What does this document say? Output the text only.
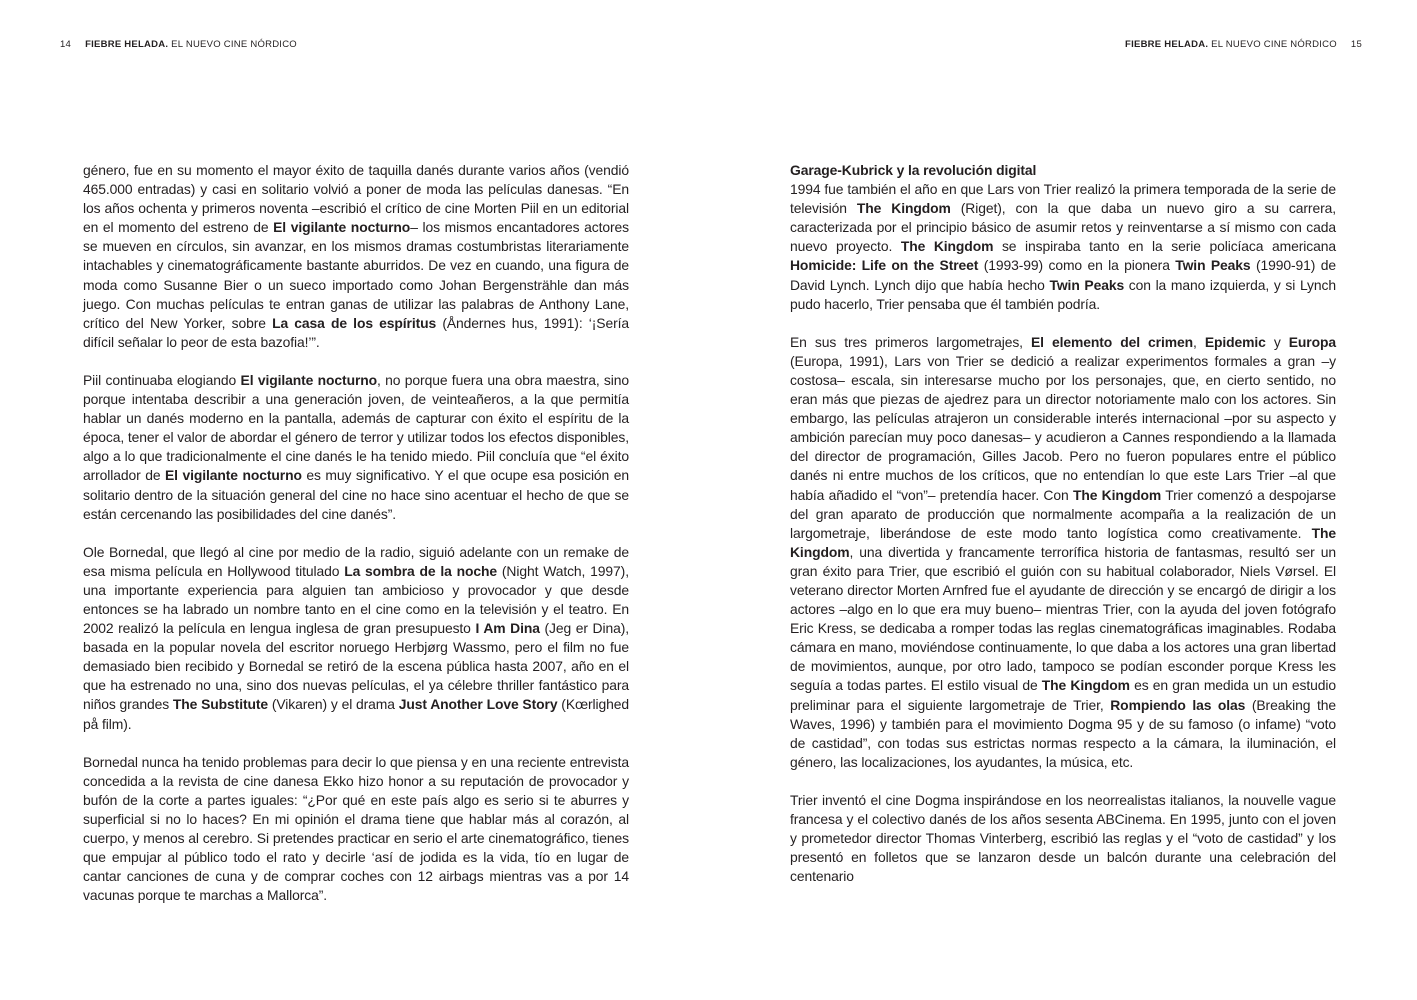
14 FIEBRE HELADA. EL NUEVO CINE NÓRDICO	FIEBRE HELADA. EL NUEVO CINE NÓRDICO 15

género, fue en su momento el mayor éxito de taquilla danés durante varios años (vendió 465.000 entradas) y casi en solitario volvió a poner de moda las películas danesas. “En los años ochenta y primeros noventa –escribió el crítico de cine Morten Piil en un editorial en el momento del estreno de El vigilante nocturno– los mismos encantadores actores se mueven en círculos, sin avanzar, en los mismos dramas costumbristas literariamente intachables y cinematográficamente bastante aburridos. De vez en cuando, una figura de moda como Susanne Bier o un sueco importado como Johan Bergensträhle dan más juego. Con muchas películas te entran ganas de utilizar las palabras de Anthony Lane, crítico del New Yorker, sobre La casa de los espíritus (Åndernes hus, 1991): ‘¡Sería difícil señalar lo peor de esta bazofia!’”.

Piil continuaba elogiando El vigilante nocturno, no porque fuera una obra maestra, sino porque intentaba describir a una generación joven, de veinteañeros, a la que permitía hablar un danés moderno en la pantalla, además de capturar con éxito el espíritu de la época, tener el valor de abordar el género de terror y utilizar todos los efectos disponibles, algo a lo que tradicionalmente el cine danés le ha tenido miedo. Piil concluía que “el éxito arrollador de El vigilante nocturno es muy significativo. Y el que ocupe esa posición en solitario dentro de la situación general del cine no hace sino acentuar el hecho de que se están cercenando las posibilidades del cine danés”.

Ole Bornedal, que llegó al cine por medio de la radio, siguió adelante con un remake de esa misma película en Hollywood titulado La sombra de la noche (Night Watch, 1997), una importante experiencia para alguien tan ambicioso y provocador y que desde entonces se ha labrado un nombre tanto en el cine como en la televisión y el teatro. En 2002 realizó la película en lengua inglesa de gran presupuesto I Am Dina (Jeg er Dina), basada en la popular novela del escritor noruego Herbjørg Wassmo, pero el film no fue demasiado bien recibido y Bornedal se retiró de la escena pública hasta 2007, año en el que ha estrenado no una, sino dos nuevas películas, el ya célebre thriller fantástico para niños grandes The Substitute (Vikaren) y el drama Just Another Love Story (Kœrlighed på film).

Bornedal nunca ha tenido problemas para decir lo que piensa y en una reciente entrevista concedida a la revista de cine danesa Ekko hizo honor a su reputación de provocador y bufón de la corte a partes iguales: “¿Por qué en este país algo es serio si te aburres y superficial si no lo haces? En mi opinión el drama tiene que hablar más al corazón, al cuerpo, y menos al cerebro. Si pretendes practicar en serio el arte cinematográfico, tienes que empujar al público todo el rato y decirle ‘así de jodida es la vida, tío en lugar de cantar canciones de cuna y de comprar coches con 12 airbags mientras vas a por 14 vacunas porque te marchas a Mallorca”.

Garage-Kubrick y la revolución digital

1994 fue también el año en que Lars von Trier realizó la primera temporada de la serie de televisión The Kingdom (Riget), con la que daba un nuevo giro a su carrera, caracterizada por el principio básico de asumir retos y reinventarse a sí mismo con cada nuevo proyecto. The Kingdom se inspiraba tanto en la serie policíaca americana Homicide: Life on the Street (1993-99) como en la pionera Twin Peaks (1990-91) de David Lynch. Lynch dijo que había hecho Twin Peaks con la mano izquierda, y si Lynch pudo hacerlo, Trier pensaba que él también podría.

En sus tres primeros largometrajes, El elemento del crimen, Epidemic y Europa (Europa, 1991), Lars von Trier se dedició a realizar experimentos formales a gran –y costosa– escala, sin interesarse mucho por los personajes, que, en cierto sentido, no eran más que piezas de ajedrez para un director notoriamente malo con los actores. Sin embargo, las películas atrajeron un considerable interés internacional –por su aspecto y ambición parecían muy poco danesas– y acudieron a Cannes respondiendo a la llamada del director de programación, Gilles Jacob. Pero no fueron populares entre el público danés ni entre muchos de los críticos, que no entendían lo que este Lars Trier –al que había añadido el “von”– pretendía hacer. Con The Kingdom Trier comenzó a despojarse del gran aparato de producción que normalmente acompaña a la realización de un largometraje, liberándose de este modo tanto logística como creativamente. The Kingdom, una divertida y francamente terrorífica historia de fantasmas, resultó ser un gran éxito para Trier, que escribió el guión con su habitual colaborador, Niels Vørsel. El veterano director Morten Arnfred fue el ayudante de dirección y se encargó de dirigir a los actores –algo en lo que era muy bueno– mientras Trier, con la ayuda del joven fotógrafo Eric Kress, se dedicaba a romper todas las reglas cinematográficas imaginables. Rodaba cámara en mano, moviéndose continuamente, lo que daba a los actores una gran libertad de movimientos, aunque, por otro lado, tampoco se podían esconder porque Kress les seguía a todas partes. El estilo visual de The Kingdom es en gran medida un un estudio preliminar para el siguiente largometraje de Trier, Rompiendo las olas (Breaking the Waves, 1996) y también para el movimiento Dogma 95 y de su famoso (o infame) “voto de castidad”, con todas sus estrictas normas respecto a la cámara, la iluminación, el género, las localizaciones, los ayudantes, la música, etc.

Trier inventó el cine Dogma inspirándose en los neorrealistas italianos, la nouvelle vague francesa y el colectivo danés de los años sesenta ABCinema. En 1995, junto con el joven y prometedor director Thomas Vinterberg, escribió las reglas y el “voto de castidad” y los presentó en folletos que se lanzaron desde un balcón durante una celebración del centenario
